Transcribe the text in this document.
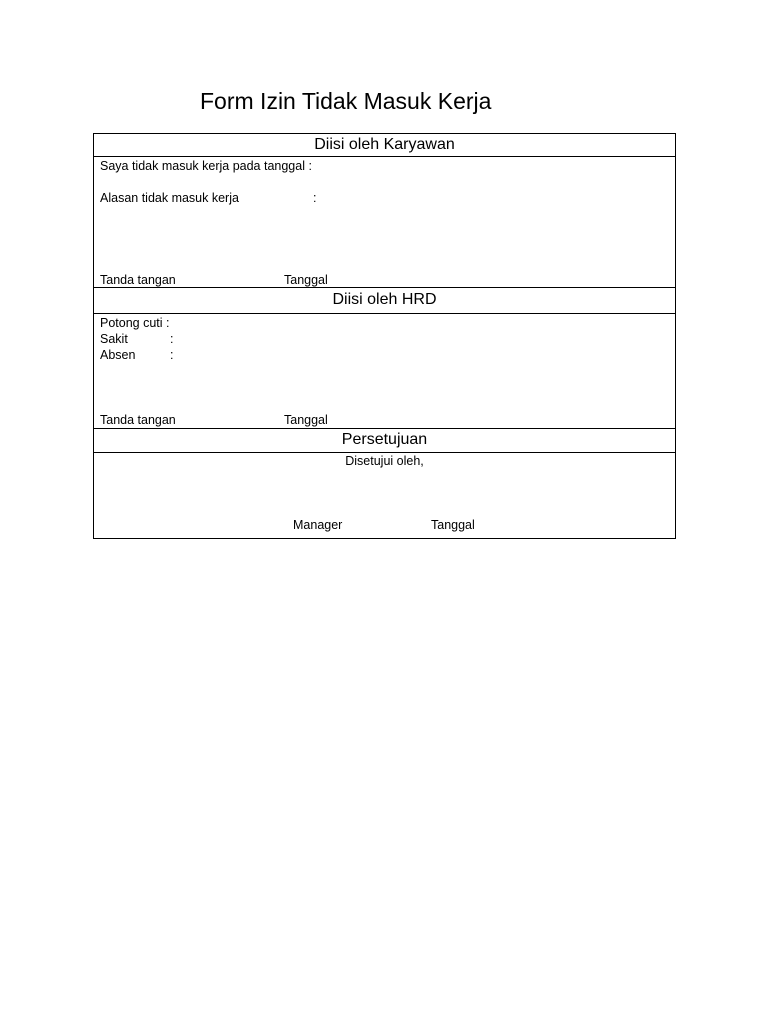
Form Izin Tidak Masuk Kerja
Diisi oleh Karyawan
Saya tidak masuk kerja pada tanggal :
Alasan tidak masuk kerja	:
Tanda tangan	Tanggal
Diisi oleh HRD
Potong cuti :
Sakit	:
Absen	:
Tanda tangan	Tanggal
Persetujuan
Disetujui oleh,
Manager	Tanggal
